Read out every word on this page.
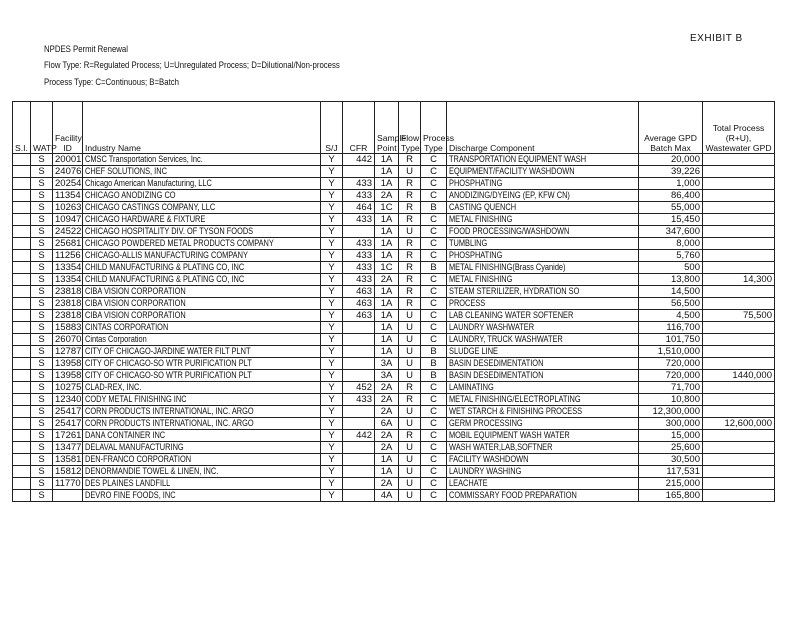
EXHIBIT B
NPDES Permit Renewal
Flow Type: R=Regulated Process; U=Unregulated Process; D=Dilutional/Non-process
Process Type: C=Continuous; B=Batch
S.I.	WATP	Facility ID	Industry Name	S/J	CFR	Sample Point	Flow Type	Process Type	Discharge Component	Average GPD Batch Max	Total Process (R+U), Wastewater GPD
	S	20001	CMSC Transportation Services, Inc.	Y	442	1A	R	C	TRANSPORTATION EQUIPMENT WASH	20,000	
	S	24076	CHEF SOLUTIONS, INC	Y		1A	U	C	EQUIPMENT/FACILITY WASHDOWN	39,226	
	S	20254	Chicago American Manufacturing, LLC	Y	433	1A	R	C	PHOSPHATING	1,000	
	S	11354	CHICAGO ANODIZING CO	Y	433	2A	R	C	ANODIZING/DYEING (EP, KFW CN)	86,400	
	S	10263	CHICAGO CASTINGS COMPANY, LLC	Y	464	1C	R	B	CASTING QUENCH	55,000	
	S	10947	CHICAGO HARDWARE & FIXTURE	Y	433	1A	R	C	METAL FINISHING	15,450	
	S	24522	CHICAGO HOSPITALITY DIV. OF TYSON FOODS	Y		1A	U	C	FOOD PROCESSING/WASHDOWN	347,600	
	S	25681	CHICAGO POWDERED METAL PRODUCTS COMPANY	Y	433	1A	R	C	TUMBLING	8,000	
	S	11256	CHICAGO-ALLIS MANUFACTURING COMPANY	Y	433	1A	R	C	PHOSPHATING	5,760	
	S	13354	CHILD MANUFACTURING & PLATING CO, INC	Y	433	1C	R	B	METAL FINISHING(Brass Cyanide)	500	
	S	13354	CHILD MANUFACTURING & PLATING CO, INC	Y	433	2A	R	C	METAL FINISHING	13,800	14,300
	S	23818	CIBA VISION CORPORATION	Y	463	1A	R	C	STEAM STERILIZER, HYDRATION SO	14,500	
	S	23818	CIBA VISION CORPORATION	Y	463	1A	R	C	PROCESS	56,500	
	S	23818	CIBA VISION CORPORATION	Y	463	1A	U	C	LAB CLEANING WATER SOFTENER	4,500	75,500
	S	15883	CINTAS CORPORATION	Y		1A	U	C	LAUNDRY WASHWATER	116,700	
	S	26070	Cintas Corporation	Y		1A	U	C	LAUNDRY, TRUCK WASHWATER	101,750	
	S	12787	CITY OF CHICAGO-JARDINE WATER FILT PLNT	Y		1A	U	B	SLUDGE LINE	1,510,000	
	S	13958	CITY OF CHICAGO-SO WTR PURIFICATION PLT	Y		3A	U	B	BASIN DESEDIMENTATION	720,000	
	S	13958	CITY OF CHICAGO-SO WTR PURIFICATION PLT	Y		3A	U	B	BASIN DESEDIMENTATION	720,000	1440,000
	S	10275	CLAD-REX, INC.	Y	452	2A	R	C	LAMINATING	71,700	
	S	12340	CODY METAL FINISHING INC	Y	433	2A	R	C	METAL FINISHING/ELECTROPLATING	10,800	
	S	25417	CORN PRODUCTS INTERNATIONAL, INC. ARGO	Y		2A	U	C	WET STARCH & FINISHING PROCESS	12,300,000	
	S	25417	CORN PRODUCTS INTERNATIONAL, INC. ARGO	Y		6A	U	C	GERM PROCESSING	300,000	12,600,000
	S	17261	DANA CONTAINER INC	Y	442	2A	R	C	MOBIL EQUIPMENT WASH WATER	15,000	
	S	13477	DELAVAL MANUFACTURING	Y		2A	U	C	WASH WATER,LAB,SOFTNER	25,600	
	S	13581	DEN-FRANCO CORPORATION	Y		1A	U	C	FACILITY WASHDOWN	30,500	
	S	15812	DENORMANDIE TOWEL & LINEN, INC.	Y		1A	U	C	LAUNDRY WASHING	117,531	
	S	11770	DES PLAINES LANDFILL	Y		2A	U	C	LEACHATE	215,000	
	S		DEVRO FINE FOODS, INC	Y		4A	U	C	COMMISSARY FOOD PREPARATION	165,800	
